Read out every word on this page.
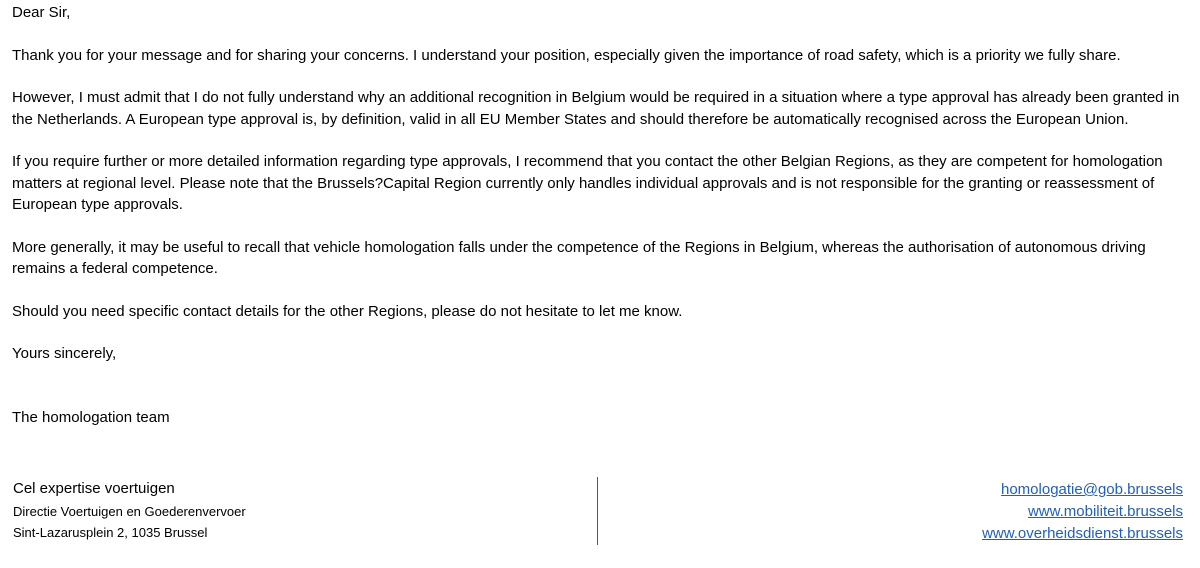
Dear Sir,

Thank you for your message and for sharing your concerns. I understand your position, especially given the importance of road safety, which is a priority we fully share.

However, I must admit that I do not fully understand why an additional recognition in Belgium would be required in a situation where a type approval has already been granted in the Netherlands. A European type approval is, by definition, valid in all EU Member States and should therefore be automatically recognised across the European Union.

If you require further or more detailed information regarding type approvals, I recommend that you contact the other Belgian Regions, as they are competent for homologation matters at regional level. Please note that the Brussels?Capital Region currently only handles individual approvals and is not responsible for the granting or reassessment of European type approvals.

More generally, it may be useful to recall that vehicle homologation falls under the competence of the Regions in Belgium, whereas the authorisation of autonomous driving remains a federal competence.

Should you need specific contact details for the other Regions, please do not hesitate to let me know.

Yours sincerely,

The homologation team

Cel expertise voertuigen
Directie Voertuigen en Goederenvervoer
Sint-Lazarusplein 2, 1035 Brussel
homologatie@gob.brussels
www.mobiliteit.brussels
www.overheidsdienst.brussels
